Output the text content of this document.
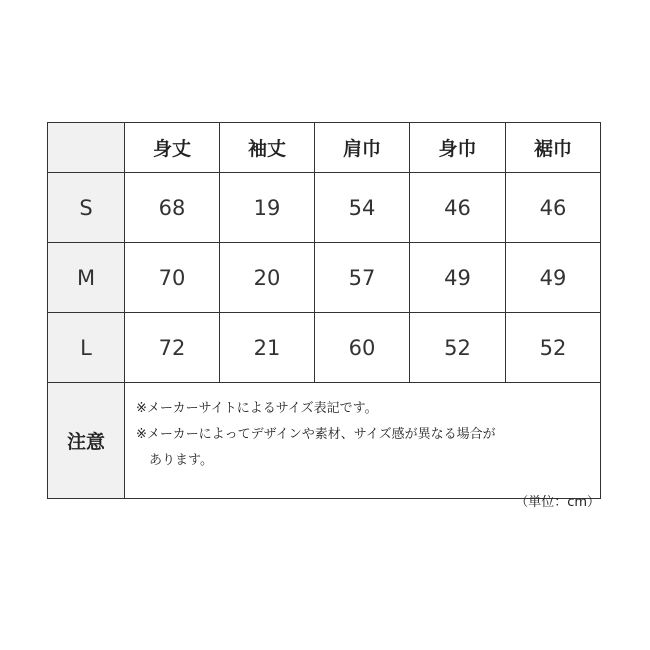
	身丈	袖丈	肩巾	身巾	裾巾
S	68	19	54	46	46
M	70	20	57	49	49
L	72	21	60	52	52
注意	※メーカーサイトによるサイズ表記です。
※メーカーによってデザインや素材、サイズ感が異なる場合が
あります。				
（単位：cm）
